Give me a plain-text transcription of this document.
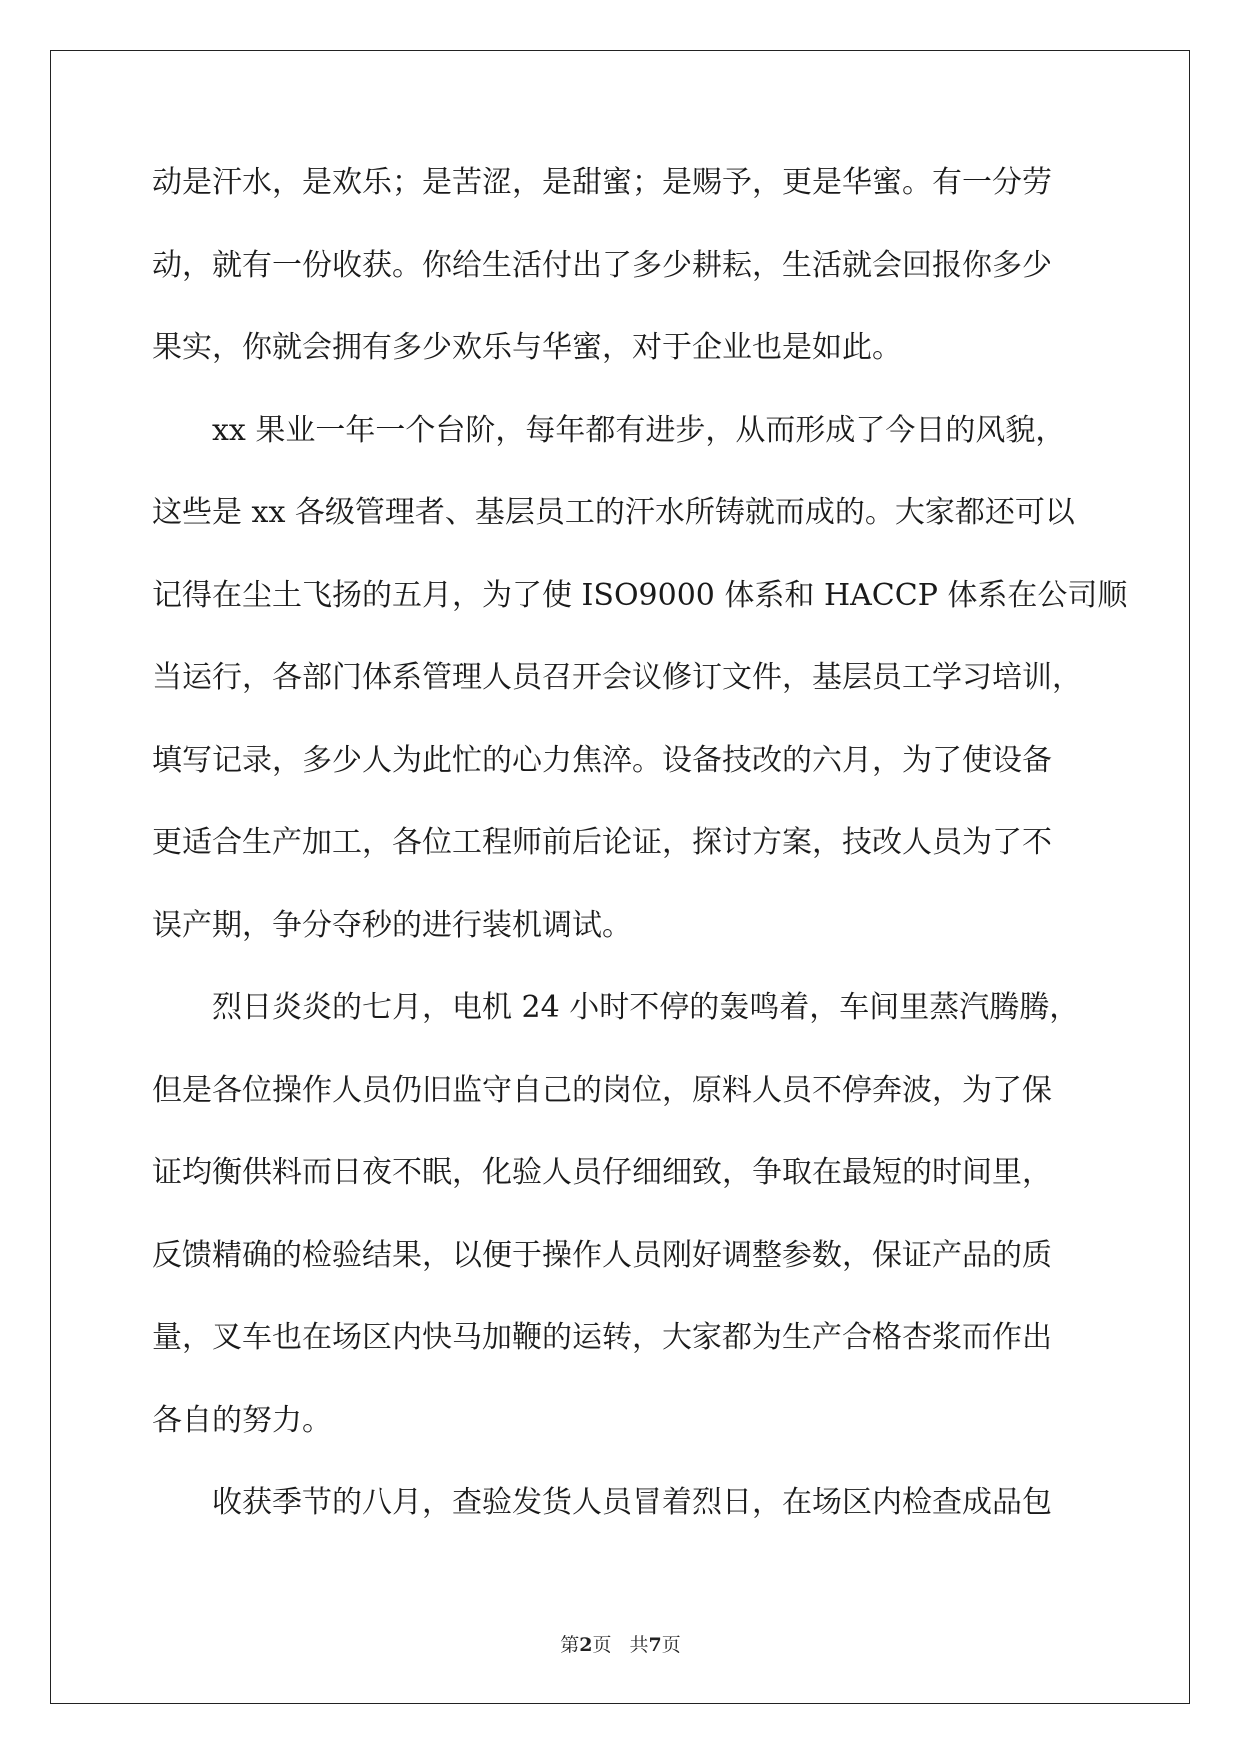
动是汗水，是欢乐；是苦涩，是甜蜜；是赐予，更是华蜜。有一分劳
动，就有一份收获。你给生活付出了多少耕耘，生活就会回报你多少
果实，你就会拥有多少欢乐与华蜜，对于企业也是如此。
　　xx 果业一年一个台阶，每年都有进步，从而形成了今日的风貌，
这些是 xx 各级管理者、基层员工的汗水所铸就而成的。大家都还可以
记得在尘土飞扬的五月，为了使 ISO9000 体系和 HACCP 体系在公司顺
当运行，各部门体系管理人员召开会议修订文件，基层员工学习培训，
填写记录，多少人为此忙的心力焦淬。设备技改的六月，为了使设备
更适合生产加工，各位工程师前后论证，探讨方案，技改人员为了不
误产期，争分夺秒的进行装机调试。
　　烈日炎炎的七月，电机 24 小时不停的轰鸣着，车间里蒸汽腾腾，
但是各位操作人员仍旧监守自己的岗位，原料人员不停奔波，为了保
证均衡供料而日夜不眠，化验人员仔细细致，争取在最短的时间里，
反馈精确的检验结果，以便于操作人员刚好调整参数，保证产品的质
量，叉车也在场区内快马加鞭的运转，大家都为生产合格杏浆而作出
各自的努力。
　　收获季节的八月，查验发货人员冒着烈日，在场区内检查成品包
第2页 共7页
